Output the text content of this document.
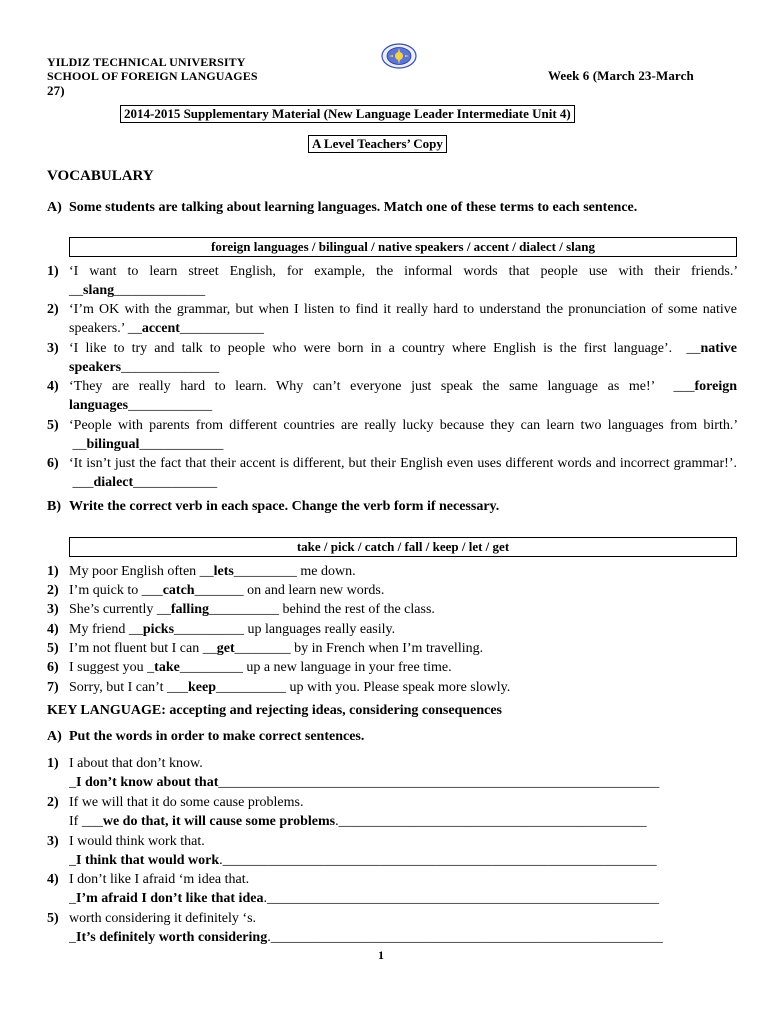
YILDIZ TECHNICAL UNIVERSITY
SCHOOL OF FOREIGN LANGUAGES	Week 6 (March 23-March
27)
2014-2015 Supplementary Material (New Language Leader Intermediate Unit 4)
A Level Teachers’ Copy
VOCABULARY
A) Some students are talking about learning languages. Match one of these terms to each sentence.
foreign languages / bilingual / native speakers / accent / dialect / slang
1) ‘I want to learn street English, for example, the informal words that people use with their friends.’ __slang_____________
2) ‘I’m OK with the grammar, but when I listen to find it really hard to understand the pronunciation of some native speakers.’ __accent____________
3) ‘I like to try and talk to people who were born in a country where English is the first language’.  __native speakers______________
4) ‘They are really hard to learn. Why can’t everyone just speak the same language as me!’  ___foreign languages____________
5) ‘People with parents from different countries are really lucky because they can learn two languages from birth.’  __bilingual____________
6) ‘It isn’t just the fact that their accent is different, but their English even uses different words and incorrect grammar!’.  ___dialect____________
B) Write the correct verb in each space. Change the verb form if necessary.
take / pick / catch / fall / keep / let / get
1) My poor English often __lets_________ me down.
2) I’m quick to ___catch_______ on and learn new words.
3) She’s currently __falling__________ behind the rest of the class.
4) My friend __picks__________ up languages really easily.
5) I’m not fluent but I can __get________ by in French when I’m travelling.
6) I suggest you _take_________ up a new language in your free time.
7) Sorry, but I can’t ___keep__________ up with you. Please speak more slowly.
KEY LANGUAGE: accepting and rejecting ideas, considering consequences
A) Put the words in order to make correct sentences.
1) I about that don’t know.
_I don’t know about that_______________________________________________________________
2) If we will that it do some cause problems.
If ___we do that, it will cause some problems.____________________________________________
3) I would think work that.
_I think that would work.______________________________________________________________
4) I don’t like I afraid ‘m idea that.
_I’m afraid I don’t like that idea.________________________________________________________
5) worth considering it definitely ‘s.
_It’s definitely worth considering.________________________________________________________
1
